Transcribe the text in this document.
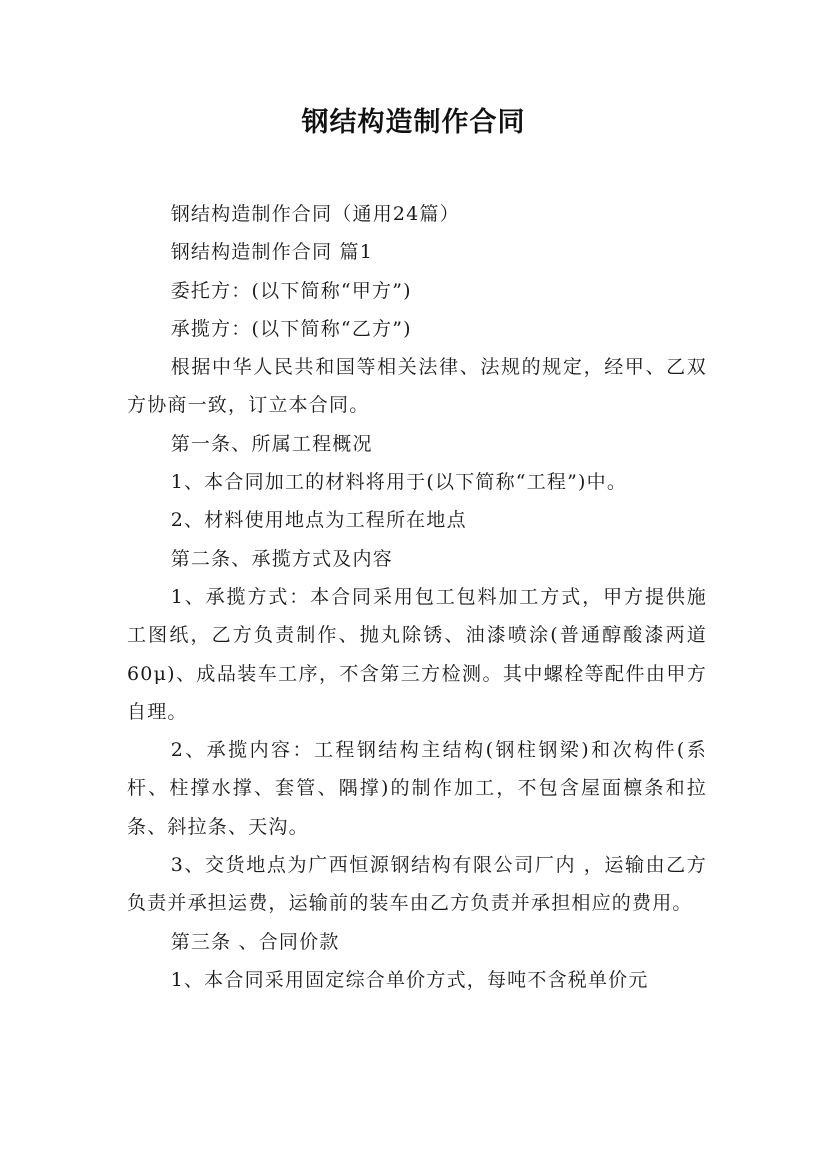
钢结构造制作合同

钢结构造制作合同（通用24篇）

钢结构造制作合同 篇1

委托方：(以下简称“甲方”)

承揽方：(以下简称“乙方”)

根据中华人民共和国等相关法律、法规的规定，经甲、乙双方协商一致，订立本合同。

第一条、所属工程概况

1、本合同加工的材料将用于(以下简称“工程”)中。

2、材料使用地点为工程所在地点

第二条、承揽方式及内容

1、承揽方式：本合同采用包工包料加工方式，甲方提供施工图纸，乙方负责制作、抛丸除锈、油漆喷涂(普通醇酸漆两道60μ)、成品装车工序，不含第三方检测。其中螺栓等配件由甲方自理。

2、承揽内容：工程钢结构主结构(钢柱钢梁)和次构件(系杆、柱撑水撑、套管、隅撑)的制作加工，不包含屋面檩条和拉条、斜拉条、天沟。

3、交货地点为广西恒源钢结构有限公司厂内 ，运输由乙方负责并承担运费，运输前的装车由乙方负责并承担相应的费用。

第三条 、合同价款

1、本合同采用固定综合单价方式，每吨不含税单价元
